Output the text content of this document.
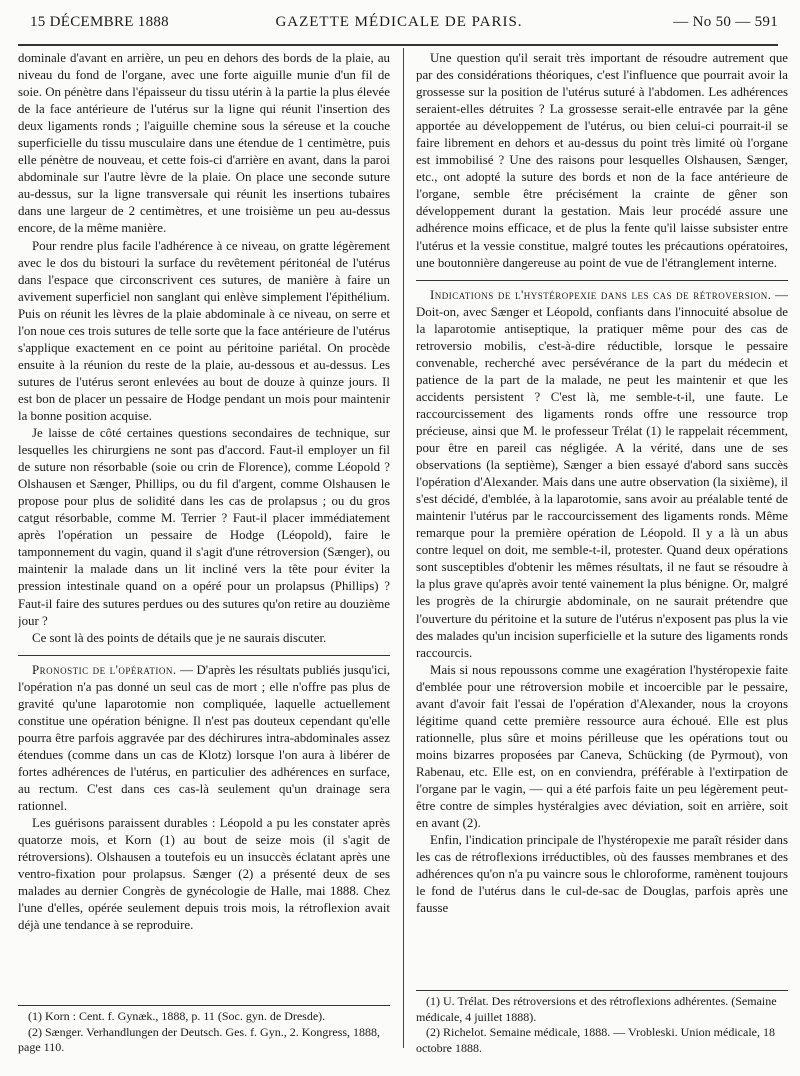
15 DÉCEMBRE 1888	GAZETTE MÉDICALE DE PARIS.	— No 50 — 591

dominale d'avant en arrière, un peu en dehors des bords de la plaie, au niveau du fond de l'organe, avec une forte aiguille munie d'un fil de soie. On pénètre dans l'épaisseur du tissu utérin à la partie la plus élevée de la face antérieure de l'utérus sur la ligne qui réunit l'insertion des deux ligaments ronds ; l'aiguille chemine sous la séreuse et la couche superficielle du tissu musculaire dans une étendue de 1 centimètre, puis elle pénètre de nouveau, et cette fois-ci d'arrière en avant, dans la paroi abdominale sur l'autre lèvre de la plaie. On place une seconde suture au-dessus, sur la ligne transversale qui réunit les insertions tubaires dans une largeur de 2 centimètres, et une troisième un peu au-dessus encore, de la même manière.

Pour rendre plus facile l'adhérence à ce niveau, on gratte légèrement avec le dos du bistouri la surface du revêtement péritonéal de l'utérus dans l'espace que circonscrivent ces sutures, de manière à faire un avivement superficiel non sanglant qui enlève simplement l'épithélium. Puis on réunit les lèvres de la plaie abdominale à ce niveau, on serre et l'on noue ces trois sutures de telle sorte que la face antérieure de l'utérus s'applique exactement en ce point au péritoine pariétal. On procède ensuite à la réunion du reste de la plaie, au-dessous et au-dessus. Les sutures de l'utérus seront enlevées au bout de douze à quinze jours. Il est bon de placer un pessaire de Hodge pendant un mois pour maintenir la bonne position acquise.

Je laisse de côté certaines questions secondaires de technique, sur lesquelles les chirurgiens ne sont pas d'accord. Faut-il employer un fil de suture non résorbable (soie ou crin de Florence), comme Léopold ? Olshausen et Sænger, Phillips, ou du fil d'argent, comme Olshausen le propose pour plus de solidité dans les cas de prolapsus ; ou du gros catgut résorbable, comme M. Terrier ? Faut-il placer immédiatement après l'opération un pessaire de Hodge (Léopold), faire le tamponnement du vagin, quand il s'agit d'une rétroversion (Sænger), ou maintenir la malade dans un lit incliné vers la tête pour éviter la pression intestinale quand on a opéré pour un prolapsus (Phillips) ? Faut-il faire des sutures perdues ou des sutures qu'on retire au douzième jour ?

Ce sont là des points de détails que je ne saurais discuter.

Pronostic de l'opération. — D'après les résultats publiés jusqu'ici, l'opération n'a pas donné un seul cas de mort ; elle n'offre pas plus de gravité qu'une laparotomie non compliquée, laquelle actuellement constitue une opération bénigne. Il n'est pas douteux cependant qu'elle pourra être parfois aggravée par des déchirures intra-abdominales assez étendues (comme dans un cas de Klotz) lorsque l'on aura à libérer de fortes adhérences de l'utérus, en particulier des adhérences en surface, au rectum. C'est dans ces cas-là seulement qu'un drainage sera rationnel.

Les guérisons paraissent durables : Léopold a pu les constater après quatorze mois, et Korn (1) au bout de seize mois (il s'agit de rétroversions). Olshausen a toutefois eu un insuccès éclatant après une ventro-fixation pour prolapsus. Sænger (2) a présenté deux de ses malades au dernier Congrès de gynécologie de Halle, mai 1888. Chez l'une d'elles, opérée seulement depuis trois mois, la rétroflexion avait déjà une tendance à se reproduire.

Une question qu'il serait très important de résoudre autrement que par des considérations théoriques, c'est l'influence que pourrait avoir la grossesse sur la position de l'utérus suturé à l'abdomen. Les adhérences seraient-elles détruites ? La grossesse serait-elle entravée par la gêne apportée au développement de l'utérus, ou bien celui-ci pourrait-il se faire librement en dehors et au-dessus du point très limité où l'organe est immobilisé ? Une des raisons pour lesquelles Olshausen, Sænger, etc., ont adopté la suture des bords et non de la face antérieure de l'organe, semble être précisément la crainte de gêner son développement durant la gestation. Mais leur procédé assure une adhérence moins efficace, et de plus la fente qu'il laisse subsister entre l'utérus et la vessie constitue, malgré toutes les précautions opératoires, une boutonnière dangereuse au point de vue de l'étranglement interne.

Indications de l'hystéropexie dans les cas de rétroversion. — Doit-on, avec Sænger et Léopold, confiants dans l'innocuité absolue de la laparotomie antiseptique, la pratiquer même pour des cas de retroversio mobilis, c'est-à-dire réductible, lorsque le pessaire convenable, recherché avec persévérance de la part du médecin et patience de la part de la malade, ne peut les maintenir et que les accidents persistent ? C'est là, me semble-t-il, une faute. Le raccourcissement des ligaments ronds offre une ressource trop précieuse, ainsi que M. le professeur Trélat (1) le rappelait récemment, pour être en pareil cas négligée. A la vérité, dans une de ses observations (la septième), Sænger a bien essayé d'abord sans succès l'opération d'Alexander. Mais dans une autre observation (la sixième), il s'est décidé, d'emblée, à la laparotomie, sans avoir au préalable tenté de maintenir l'utérus par le raccourcissement des ligaments ronds. Même remarque pour la première opération de Léopold. Il y a là un abus contre lequel on doit, me semble-t-il, protester. Quand deux opérations sont susceptibles d'obtenir les mêmes résultats, il ne faut se résoudre à la plus grave qu'après avoir tenté vainement la plus bénigne. Or, malgré les progrès de la chirurgie abdominale, on ne saurait prétendre que l'ouverture du péritoine et la suture de l'utérus n'exposent pas plus la vie des malades qu'un incision superficielle et la suture des ligaments ronds raccourcis.

Mais si nous repoussons comme une exagération l'hystéropexie faite d'emblée pour une rétroversion mobile et incoercible par le pessaire, avant d'avoir fait l'essai de l'opération d'Alexander, nous la croyons légitime quand cette première ressource aura échoué. Elle est plus rationnelle, plus sûre et moins périlleuse que les opérations tout ou moins bizarres proposées par Caneva, Schücking (de Pyrmout), von Rabenau, etc. Elle est, on en conviendra, préférable à l'extirpation de l'organe par le vagin, — qui a été parfois faite un peu légèrement peut-être contre de simples hystéralgies avec déviation, soit en arrière, soit en avant (2).

Enfin, l'indication principale de l'hystéropexie me paraît résider dans les cas de rétroflexions irréductibles, où des fausses membranes et des adhérences qu'on n'a pu vaincre sous le chloroforme, ramènent toujours le fond de l'utérus dans le cul-de-sac de Douglas, parfois après une fausse

(1) Korn : Cent. f. Gynæk., 1888, p. 11 (Soc. gyn. de Dresde).

(2) Sænger. Verhandlungen der Deutsch. Ges. f. Gyn., 2. Kongress, 1888, page 110.

(1) U. Trélat. Des rétroversions et des rétroflexions adhérentes. (Semaine médicale, 4 juillet 1888).

(2) Richelot. Semaine médicale, 1888. — Vrobleski. Union médicale, 18 octobre 1888.
